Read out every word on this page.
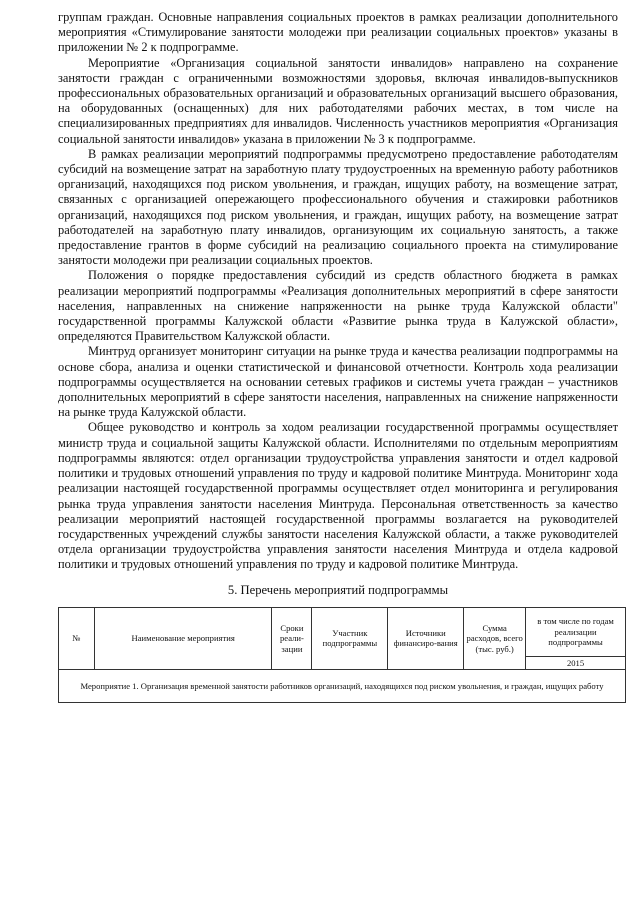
группам граждан. Основные направления социальных проектов в рамках реализации дополнительного мероприятия «Стимулирование занятости молодежи при реализации социальных проектов» указаны в приложении № 2 к подпрограмме.

Мероприятие «Организация социальной занятости инвалидов» направлено на сохранение занятости граждан с ограниченными возможностями здоровья, включая инвалидов-выпускников профессиональных образовательных организаций и образовательных организаций высшего образования, на оборудованных (оснащенных) для них работодателями рабочих местах, в том числе на специализированных предприятиях для инвалидов. Численность участников мероприятия «Организация социальной занятости инвалидов» указана в приложении № 3 к подпрограмме.

В рамках реализации мероприятий подпрограммы предусмотрено предоставление работодателям субсидий на возмещение затрат на заработную плату трудоустроенных на временную работу работников организаций, находящихся под риском увольнения, и граждан, ищущих работу, на возмещение затрат, связанных с организацией опережающего профессионального обучения и стажировки работников организаций, находящихся под риском увольнения, и граждан, ищущих работу, на возмещение затрат работодателей на заработную плату инвалидов, организующим их социальную занятость, а также предоставление грантов в форме субсидий на реализацию социального проекта на стимулирование занятости молодежи при реализации социальных проектов.

Положения о порядке предоставления субсидий из средств областного бюджета в рамках реализации мероприятий подпрограммы «Реализация дополнительных мероприятий в сфере занятости населения, направленных на снижение напряженности на рынке труда Калужской области" государственной программы Калужской области «Развитие рынка труда в Калужской области», определяются Правительством Калужской области.

Минтруд организует мониторинг ситуации на рынке труда и качества реализации подпрограммы на основе сбора, анализа и оценки статистической и финансовой отчетности. Контроль хода реализации подпрограммы осуществляется на основании сетевых графиков и системы учета граждан – участников дополнительных мероприятий в сфере занятости населения, направленных на снижение напряженности на рынке труда Калужской области.

Общее руководство и контроль за ходом реализации государственной программы осуществляет министр труда и социальной защиты Калужской области. Исполнителями по отдельным мероприятиям подпрограммы являются: отдел организации трудоустройства управления занятости и отдел кадровой политики и трудовых отношений управления по труду и кадровой политике Минтруда. Мониторинг хода реализации настоящей государственной программы осуществляет отдел мониторинга и регулирования рынка труда управления занятости населения Минтруда. Персональная ответственность за качество реализации мероприятий настоящей государственной программы возлагается на руководителей государственных учреждений службы занятости населения Калужской области, а также руководителей отдела организации трудоустройства управления занятости населения Минтруда и отдела кадровой политики и трудовых отношений управления по труду и кадровой политике Минтруда.

5. Перечень мероприятий подпрограммы
№	Наименование мероприятия	Сроки реали-зации	Участник подпрограммы	Источники финансиро-вания	Сумма расходов, всего (тыс. руб.)	в том числе по годам реализации подпрограммы
2015
Мероприятие 1. Организация временной занятости работников организаций, находящихся под риском увольнения, и граждан, ищущих работу
